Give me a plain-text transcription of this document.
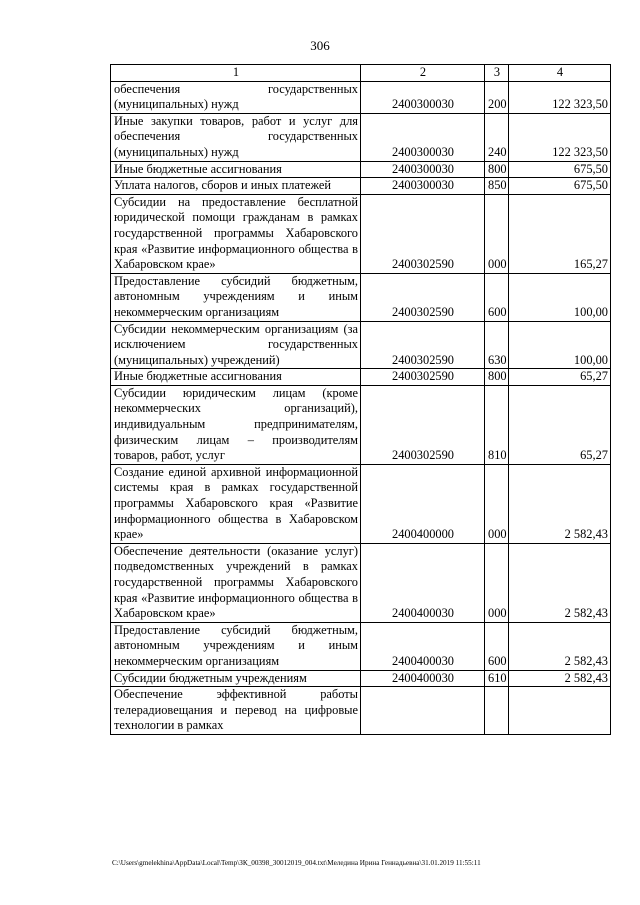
306
1	2	3	4
обеспечения государственных (муниципальных) нужд	2400300030	200	122 323,50
Иные закупки товаров, работ и услуг для обеспечения государственных (муниципальных) нужд	2400300030	240	122 323,50
Иные бюджетные ассигнования	2400300030	800	675,50
Уплата налогов, сборов и иных платежей	2400300030	850	675,50
Субсидии на предоставление бесплатной юридической помощи гражданам в рамках государственной программы Хабаровского края «Развитие информационного общества в Хабаровском крае»	2400302590	000	165,27
Предоставление субсидий бюджетным, автономным учреждениям и иным некоммерческим организациям	2400302590	600	100,00
Субсидии некоммерческим организациям (за исключением государственных (муниципальных) учреждений)	2400302590	630	100,00
Иные бюджетные ассигнования	2400302590	800	65,27
Субсидии юридическим лицам (кроме некоммерческих организаций), индивидуальным предпринимателям, физическим лицам – производителям товаров, работ, услуг	2400302590	810	65,27
Создание единой архивной информационной системы края в рамках государственной программы Хабаровского края «Развитие информационного общества в Хабаровском крае»	2400400000	000	2 582,43
Обеспечение деятельности (оказание услуг) подведомственных учреждений в рамках государственной программы Хабаровского края «Развитие информационного общества в Хабаровском крае»	2400400030	000	2 582,43
Предоставление субсидий бюджетным, автономным учреждениям и иным некоммерческим организациям	2400400030	600	2 582,43
Субсидии бюджетным учреждениям	2400400030	610	2 582,43
Обеспечение эффективной работы телерадиовещания и перевод на цифровые технологии в рамках			
C:\Users\gmelekhina\AppData\Local\Temp\ЗК_00398_30012019_004.txt\Меледина Ирина Геннадьевна\31.01.2019 11:55:11
